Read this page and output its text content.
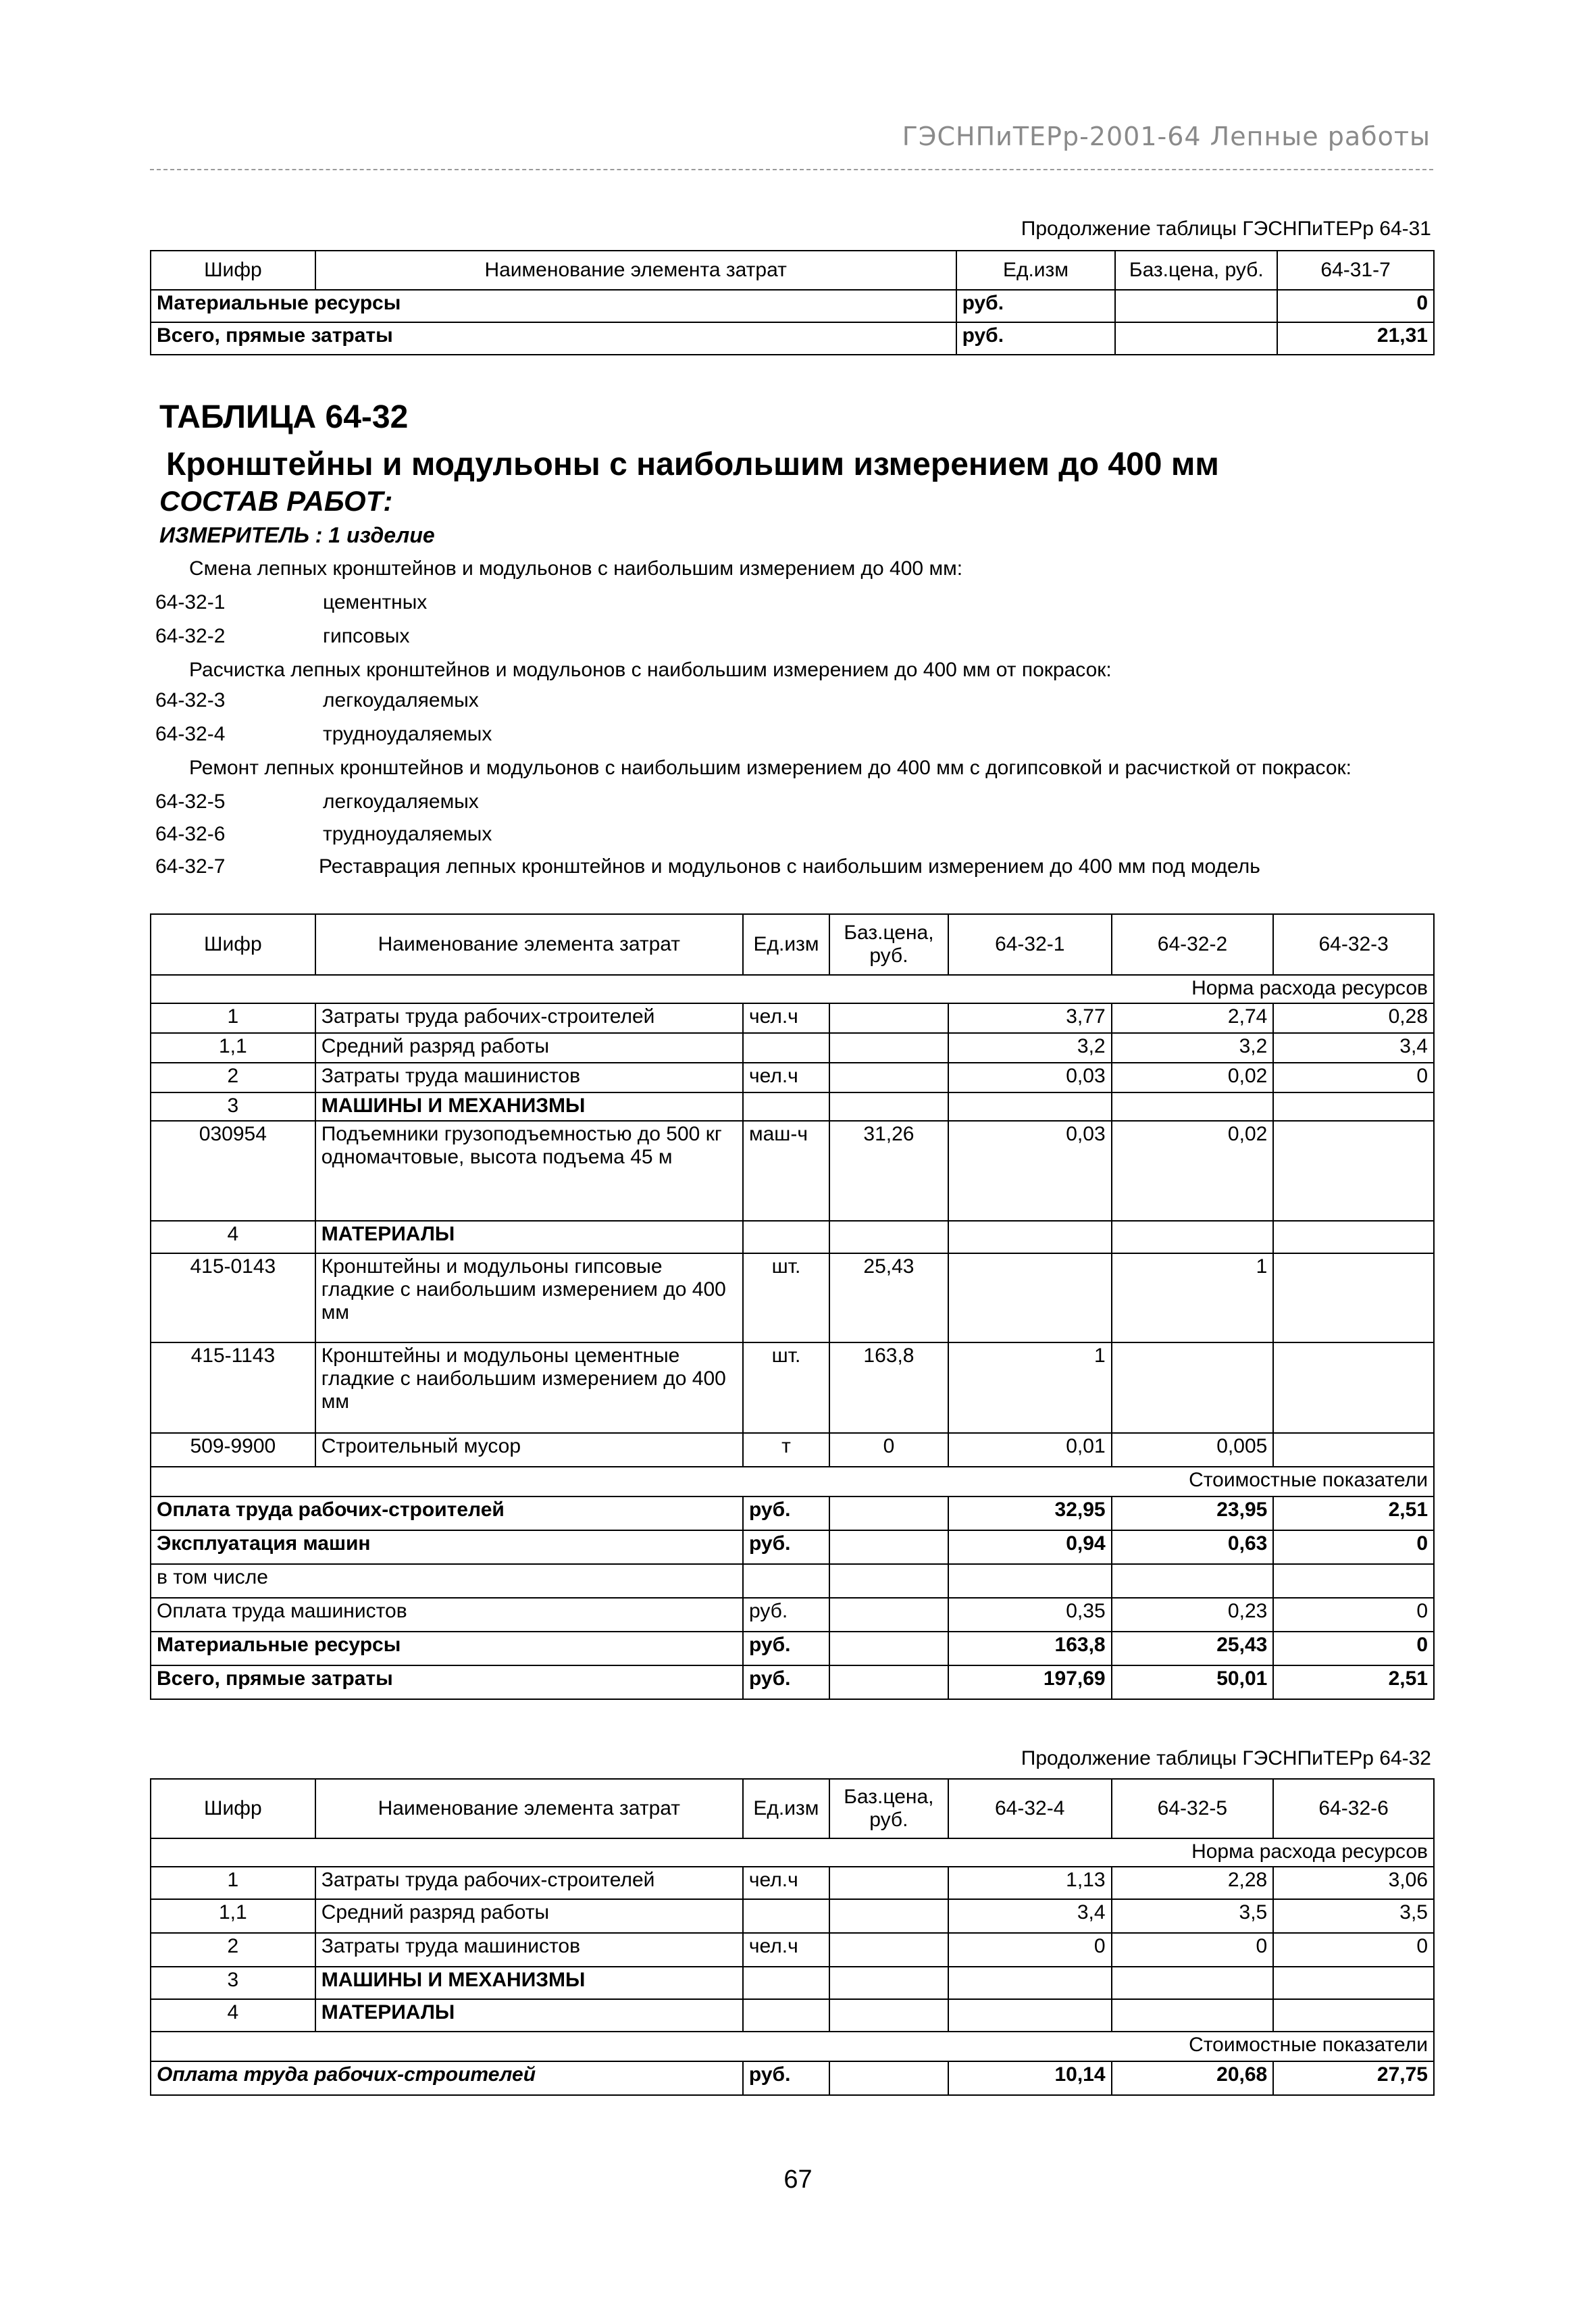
ГЭСНПиТЕРр-2001-64 Лепные работы
Продолжение таблицы ГЭСНПиТЕРр 64-31
Шифр	Наименование элемента затрат	Ед.изм	Баз.цена, руб.	64-31-7
Материальные ресурсы		руб.		0
Всего, прямые затраты		руб.		21,31
ТАБЛИЦА 64-32
Кронштейны и модульоны с наибольшим измерением до 400 мм
СОСТАВ РАБОТ:
ИЗМЕРИТЕЛЬ : 1 изделие
Смена лепных кронштейнов и модульонов с наибольшим измерением до 400 мм:
64-32-1	цементных
64-32-2	гипсовых
Расчистка лепных кронштейнов и модульонов с наибольшим измерением до 400 мм от покрасок:
64-32-3	легкоудаляемых
64-32-4	трудноудаляемых
Ремонт лепных кронштейнов и модульонов с наибольшим измерением до 400 мм с догипсовкой и расчисткой от покрасок:
64-32-5	легкоудаляемых
64-32-6	трудноудаляемых
64-32-7	Реставрация лепных кронштейнов и модульонов с наибольшим измерением до 400 мм под модель
Шифр	Наименование элемента затрат	Ед.изм	Баз.цена, руб.	64-32-1	64-32-2	64-32-3
Норма расхода ресурсов						
1	Затраты труда рабочих-строителей	чел.ч		3,77	2,74	0,28
1,1	Средний разряд работы			3,2	3,2	3,4
2	Затраты труда машинистов	чел.ч		0,03	0,02	0
3	МАШИНЫ И МЕХАНИЗМЫ					
030954	Подъемники грузоподъемностью до 500 кг одномачтовые, высота подъема 45 м	маш-ч	31,26	0,03	0,02	
4	МАТЕРИАЛЫ					
415-0143	Кронштейны и модульоны гипсовые гладкие с наибольшим измерением до 400 мм	шт.	25,43		1	
415-1143	Кронштейны и модульоны цементные гладкие с наибольшим измерением до 400 мм	шт.	163,8	1		
509-9900	Строительный мусор	т	0	0,01	0,005	
Стоимостные показатели						
Оплата труда рабочих-строителей		руб.		32,95	23,95	2,51
Эксплуатация машин		руб.		0,94	0,63	0
в том числе						
Оплата труда машинистов		руб.		0,35	0,23	0
Материальные ресурсы		руб.		163,8	25,43	0
Всего, прямые затраты		руб.		197,69	50,01	2,51
Продолжение таблицы ГЭСНПиТЕРр 64-32
Шифр	Наименование элемента затрат	Ед.изм	Баз.цена, руб.	64-32-4	64-32-5	64-32-6
Норма расхода ресурсов						
1	Затраты труда рабочих-строителей	чел.ч		1,13	2,28	3,06
1,1	Средний разряд работы			3,4	3,5	3,5
2	Затраты труда машинистов	чел.ч		0	0	0
3	МАШИНЫ И МЕХАНИЗМЫ					
4	МАТЕРИАЛЫ					
Стоимостные показатели						
Оплата труда рабочих-строителей		руб.		10,14	20,68	27,75
67
